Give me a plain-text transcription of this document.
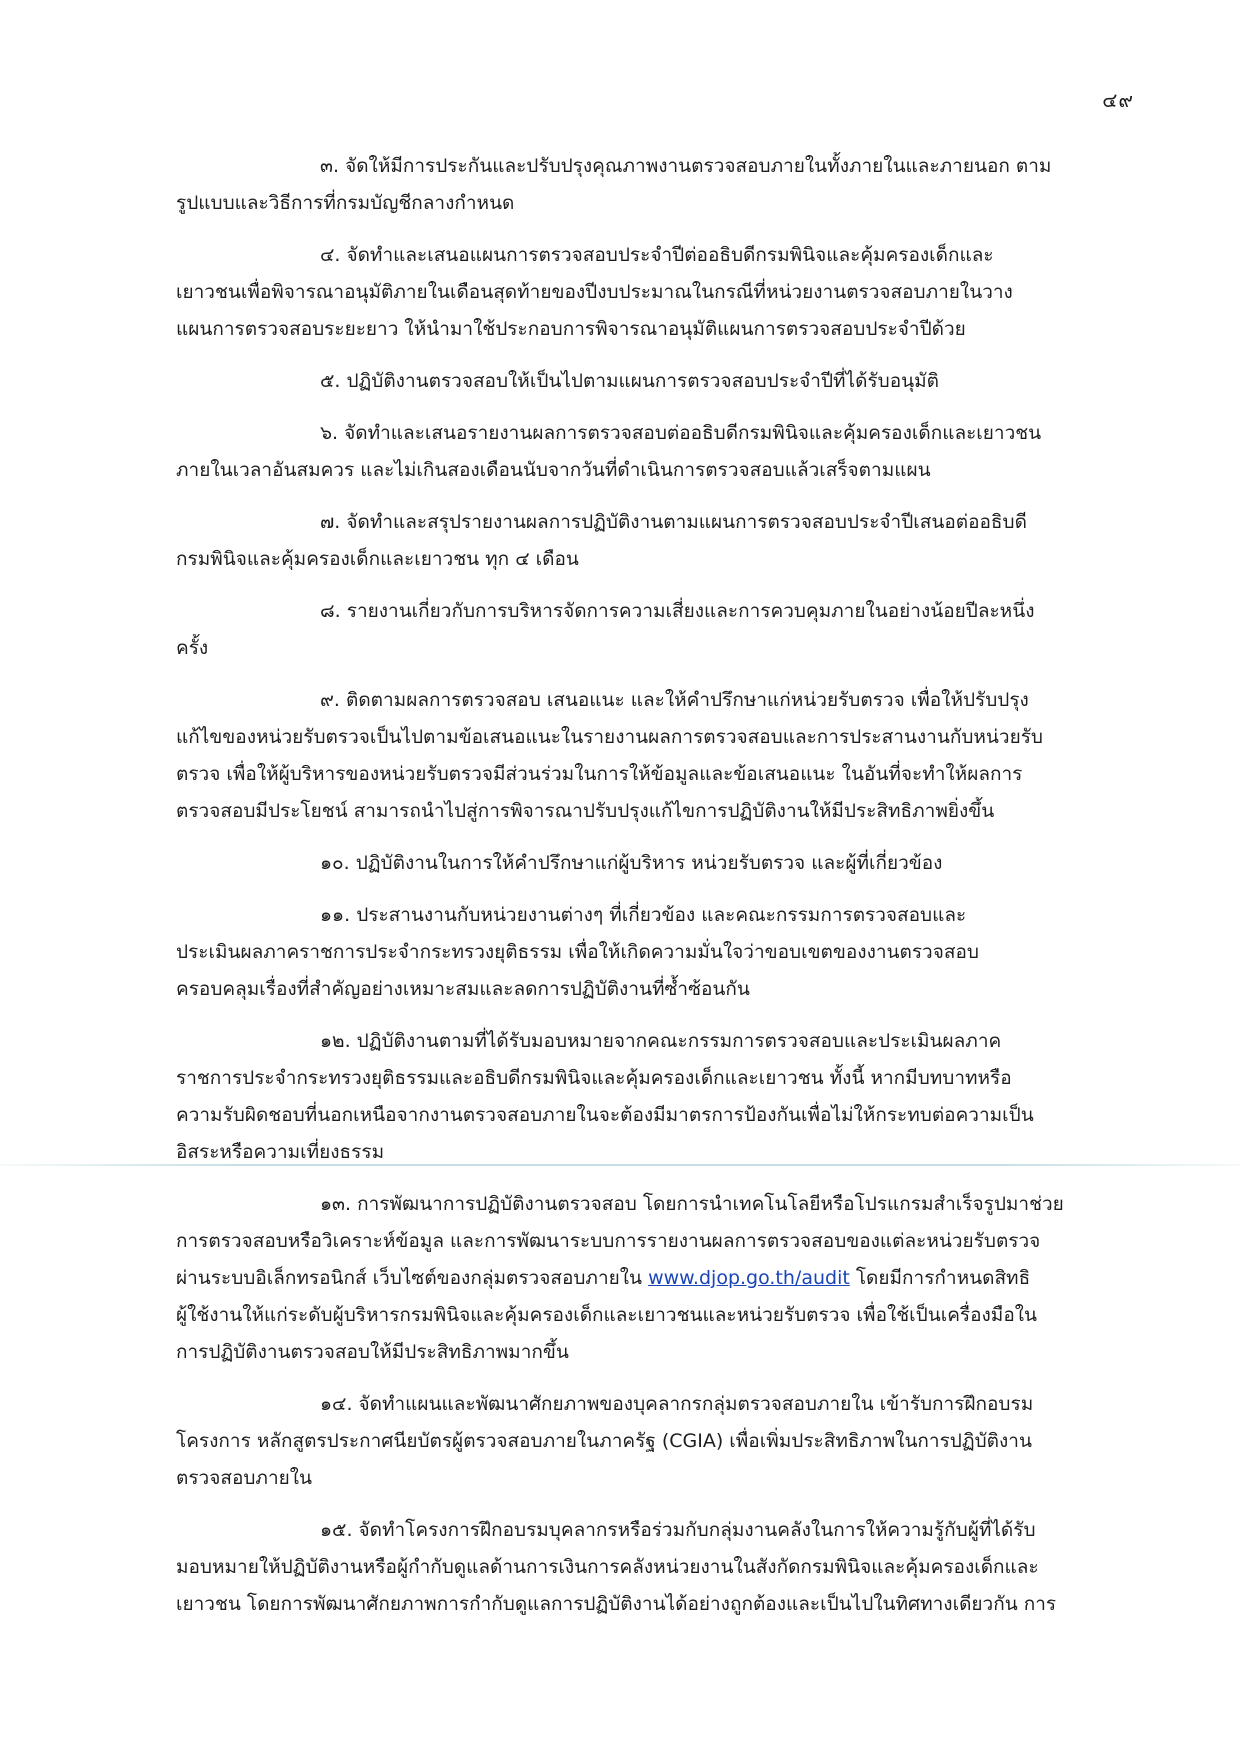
๔๙

๓. จัดให้มีการประกันและปรับปรุงคุณภาพงานตรวจสอบภายในทั้งภายในและภายนอก ตาม
รูปแบบและวิธีการที่กรมบัญชีกลางกำหนด

๔. จัดทำและเสนอแผนการตรวจสอบประจำปีต่ออธิบดีกรมพินิจและคุ้มครองเด็กและ
เยาวชนเพื่อพิจารณาอนุมัติภายในเดือนสุดท้ายของปีงบประมาณในกรณีที่หน่วยงานตรวจสอบภายในวาง
แผนการตรวจสอบระยะยาว ให้นำมาใช้ประกอบการพิจารณาอนุมัติแผนการตรวจสอบประจำปีด้วย

๕. ปฏิบัติงานตรวจสอบให้เป็นไปตามแผนการตรวจสอบประจำปีที่ได้รับอนุมัติ

๖. จัดทำและเสนอรายงานผลการตรวจสอบต่ออธิบดีกรมพินิจและคุ้มครองเด็กและเยาวชน
ภายในเวลาอันสมควร และไม่เกินสองเดือนนับจากวันที่ดำเนินการตรวจสอบแล้วเสร็จตามแผน

๗. จัดทำและสรุปรายงานผลการปฏิบัติงานตามแผนการตรวจสอบประจำปีเสนอต่ออธิบดี
กรมพินิจและคุ้มครองเด็กและเยาวชน ทุก ๔ เดือน

๘. รายงานเกี่ยวกับการบริหารจัดการความเสี่ยงและการควบคุมภายในอย่างน้อยปีละหนึ่ง
ครั้ง

๙. ติดตามผลการตรวจสอบ เสนอแนะ และให้คำปรึกษาแก่หน่วยรับตรวจ เพื่อให้ปรับปรุง
แก้ไขของหน่วยรับตรวจเป็นไปตามข้อเสนอแนะในรายงานผลการตรวจสอบและการประสานงานกับหน่วยรับ
ตรวจ เพื่อให้ผู้บริหารของหน่วยรับตรวจมีส่วนร่วมในการให้ข้อมูลและข้อเสนอแนะ ในอันที่จะทำให้ผลการ
ตรวจสอบมีประโยชน์ สามารถนำไปสู่การพิจารณาปรับปรุงแก้ไขการปฏิบัติงานให้มีประสิทธิภาพยิ่งขึ้น

๑๐. ปฏิบัติงานในการให้คำปรึกษาแก่ผู้บริหาร หน่วยรับตรวจ และผู้ที่เกี่ยวข้อง

๑๑. ประสานงานกับหน่วยงานต่างๆ ที่เกี่ยวข้อง และคณะกรรมการตรวจสอบและ
ประเมินผลภาคราชการประจำกระทรวงยุติธรรม เพื่อให้เกิดความมั่นใจว่าขอบเขตของงานตรวจสอบ
ครอบคลุมเรื่องที่สำคัญอย่างเหมาะสมและลดการปฏิบัติงานที่ซ้ำซ้อนกัน

๑๒. ปฏิบัติงานตามที่ได้รับมอบหมายจากคณะกรรมการตรวจสอบและประเมินผลภาค
ราชการประจำกระทรวงยุติธรรมและอธิบดีกรมพินิจและคุ้มครองเด็กและเยาวชน ทั้งนี้ หากมีบทบาทหรือ
ความรับผิดชอบที่นอกเหนือจากงานตรวจสอบภายในจะต้องมีมาตรการป้องกันเพื่อไม่ให้กระทบต่อความเป็น
อิสระหรือความเที่ยงธรรม

๑๓. การพัฒนาการปฏิบัติงานตรวจสอบ โดยการนำเทคโนโลยีหรือโปรแกรมสำเร็จรูปมาช่วย
การตรวจสอบหรือวิเคราะห์ข้อมูล และการพัฒนาระบบการรายงานผลการตรวจสอบของแต่ละหน่วยรับตรวจ
ผ่านระบบอิเล็กทรอนิกส์ เว็บไซต์ของกลุ่มตรวจสอบภายใน www.djop.go.th/audit โดยมีการกำหนดสิทธิ
ผู้ใช้งานให้แก่ระดับผู้บริหารกรมพินิจและคุ้มครองเด็กและเยาวชนและหน่วยรับตรวจ เพื่อใช้เป็นเครื่องมือใน
การปฏิบัติงานตรวจสอบให้มีประสิทธิภาพมากขึ้น

๑๔. จัดทำแผนและพัฒนาศักยภาพของบุคลากรกลุ่มตรวจสอบภายใน เข้ารับการฝึกอบรม
โครงการ หลักสูตรประกาศนียบัตรผู้ตรวจสอบภายในภาครัฐ (CGIA) เพื่อเพิ่มประสิทธิภาพในการปฏิบัติงาน
ตรวจสอบภายใน

๑๕. จัดทำโครงการฝึกอบรมบุคลากรหรือร่วมกับกลุ่มงานคลังในการให้ความรู้กับผู้ที่ได้รับ
มอบหมายให้ปฏิบัติงานหรือผู้กำกับดูแลด้านการเงินการคลังหน่วยงานในสังกัดกรมพินิจและคุ้มครองเด็กและ
เยาวชน โดยการพัฒนาศักยภาพการกำกับดูแลการปฏิบัติงานได้อย่างถูกต้องและเป็นไปในทิศทางเดียวกัน การ
